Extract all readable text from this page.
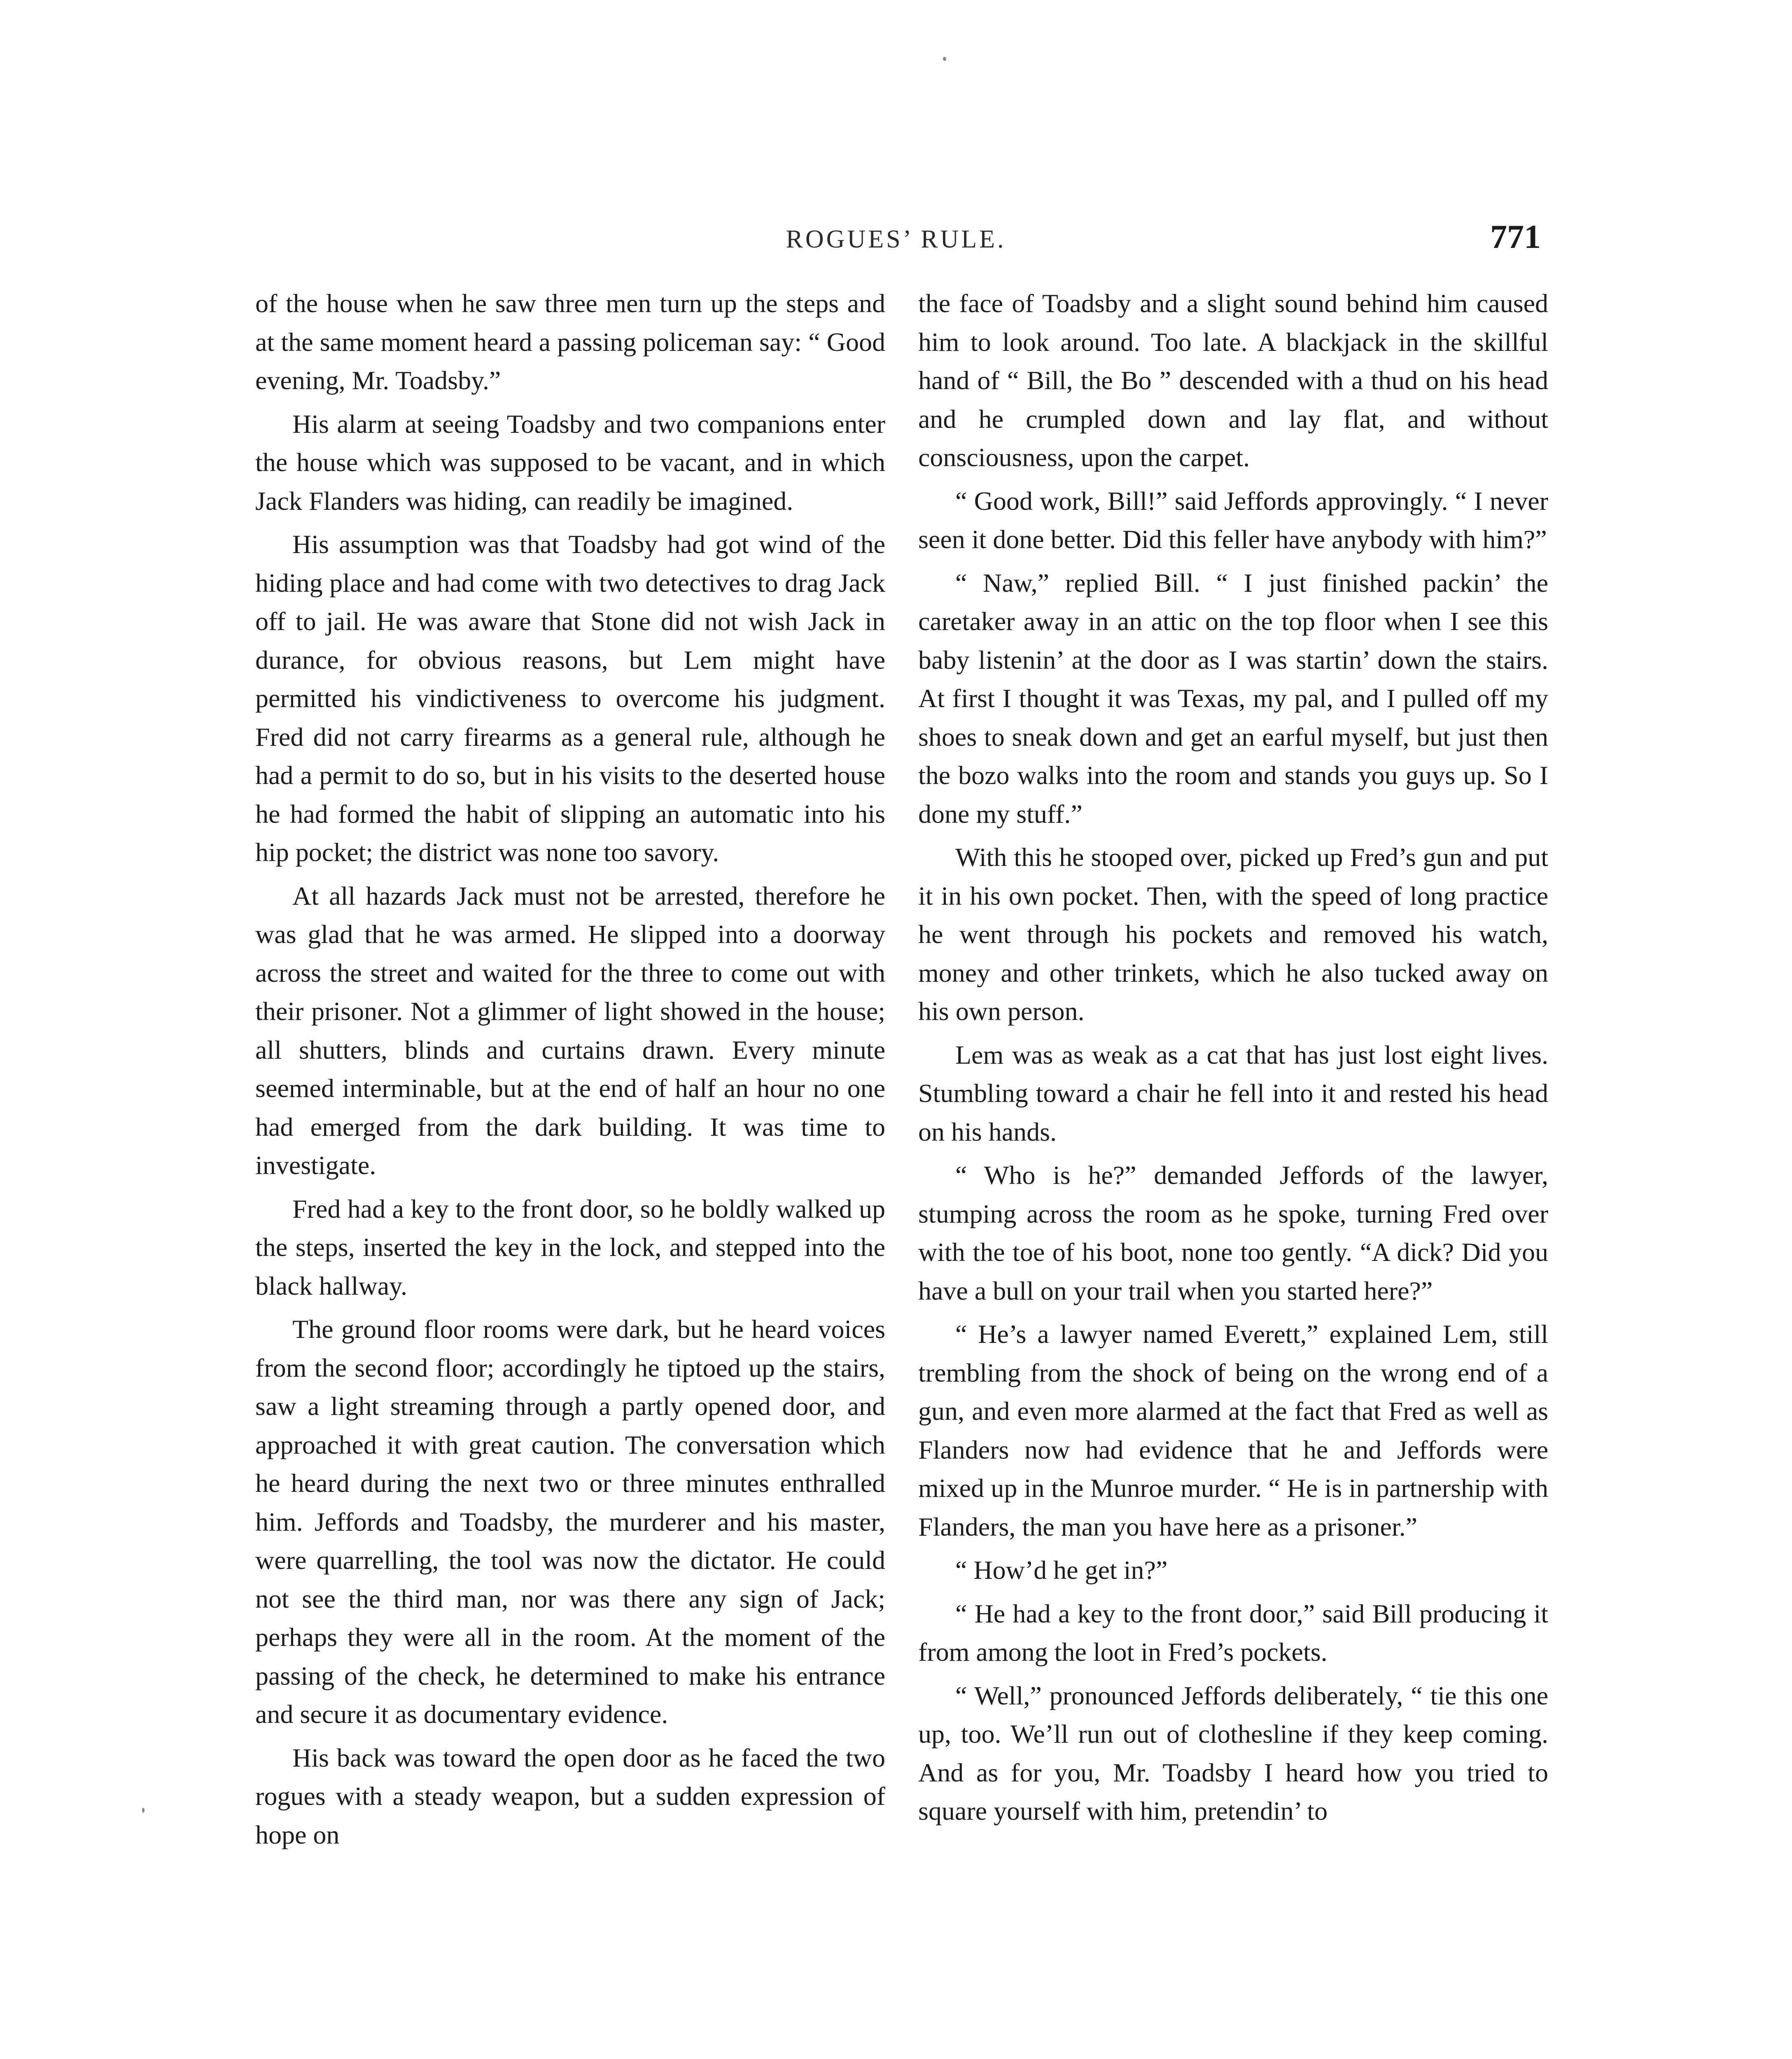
ROGUES’ RULE.	771

of the house when he saw three men turn up the steps and at the same moment heard a passing policeman say: “ Good evening, Mr. Toadsby.”

His alarm at seeing Toadsby and two companions enter the house which was supposed to be vacant, and in which Jack Flanders was hiding, can readily be imagined.

His assumption was that Toadsby had got wind of the hiding place and had come with two detectives to drag Jack off to jail. He was aware that Stone did not wish Jack in durance, for obvious reasons, but Lem might have permitted his vindictiveness to overcome his judgment. Fred did not carry firearms as a general rule, although he had a permit to do so, but in his visits to the deserted house he had formed the habit of slipping an automatic into his hip pocket; the district was none too savory.

At all hazards Jack must not be arrested, therefore he was glad that he was armed. He slipped into a doorway across the street and waited for the three to come out with their prisoner. Not a glimmer of light showed in the house; all shutters, blinds and curtains drawn. Every minute seemed interminable, but at the end of half an hour no one had emerged from the dark building. It was time to investigate.

Fred had a key to the front door, so he boldly walked up the steps, inserted the key in the lock, and stepped into the black hallway.

The ground floor rooms were dark, but he heard voices from the second floor; accordingly he tiptoed up the stairs, saw a light streaming through a partly opened door, and approached it with great caution. The conversation which he heard during the next two or three minutes enthralled him. Jeffords and Toadsby, the murderer and his master, were quarrelling, the tool was now the dictator. He could not see the third man, nor was there any sign of Jack; perhaps they were all in the room. At the moment of the passing of the check, he determined to make his entrance and secure it as documentary evidence.

His back was toward the open door as he faced the two rogues with a steady weapon, but a sudden expression of hope on

the face of Toadsby and a slight sound behind him caused him to look around. Too late. A blackjack in the skillful hand of “ Bill, the Bo ” descended with a thud on his head and he crumpled down and lay flat, and without consciousness, upon the carpet.

“ Good work, Bill!” said Jeffords approvingly. “ I never seen it done better. Did this feller have anybody with him?”

“ Naw,” replied Bill. “ I just finished packin’ the caretaker away in an attic on the top floor when I see this baby listenin’ at the door as I was startin’ down the stairs. At first I thought it was Texas, my pal, and I pulled off my shoes to sneak down and get an earful myself, but just then the bozo walks into the room and stands you guys up. So I done my stuff.”

With this he stooped over, picked up Fred’s gun and put it in his own pocket. Then, with the speed of long practice he went through his pockets and removed his watch, money and other trinkets, which he also tucked away on his own person.

Lem was as weak as a cat that has just lost eight lives. Stumbling toward a chair he fell into it and rested his head on his hands.

“ Who is he?” demanded Jeffords of the lawyer, stumping across the room as he spoke, turning Fred over with the toe of his boot, none too gently. “A dick? Did you have a bull on your trail when you started here?”

“ He’s a lawyer named Everett,” explained Lem, still trembling from the shock of being on the wrong end of a gun, and even more alarmed at the fact that Fred as well as Flanders now had evidence that he and Jeffords were mixed up in the Munroe murder. “ He is in partnership with Flanders, the man you have here as a prisoner.”

“ How’d he get in?”

“ He had a key to the front door,” said Bill producing it from among the loot in Fred’s pockets.

“ Well,” pronounced Jeffords deliberately, “ tie this one up, too. We’ll run out of clothesline if they keep coming. And as for you, Mr. Toadsby I heard how you tried to square yourself with him, pretendin’ to
